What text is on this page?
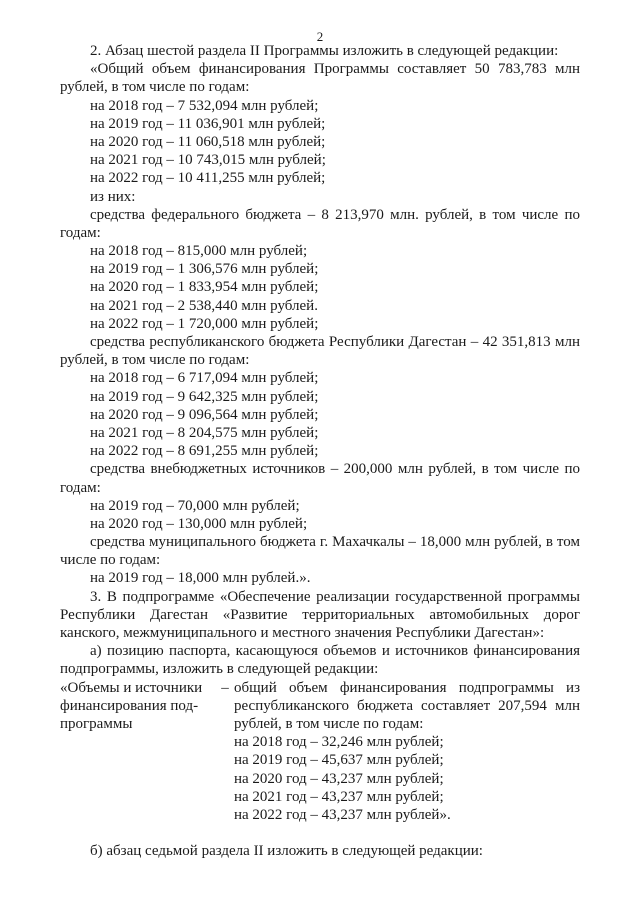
2
2. Абзац шестой раздела II Программы изложить в следующей редакции:
«Общий объем финансирования Программы составляет 50 783,783 млн
рублей, в том числе по годам:
на 2018 год – 7 532,094 млн рублей;
на 2019 год – 11 036,901 млн рублей;
на 2020 год – 11 060,518 млн рублей;
на 2021 год – 10 743,015 млн рублей;
на 2022 год – 10 411,255 млн рублей;
из них:
средства федерального бюджета – 8 213,970 млн. рублей, в том числе по
годам:
на 2018 год – 815,000 млн рублей;
на 2019 год – 1 306,576 млн рублей;
на 2020 год – 1 833,954 млн рублей;
на 2021 год – 2 538,440 млн рублей.
на 2022 год – 1 720,000 млн рублей;
средства республиканского бюджета Республики Дагестан – 42 351,813 млн
рублей, в том числе по годам:
на 2018 год – 6 717,094 млн рублей;
на 2019 год – 9 642,325 млн рублей;
на 2020 год – 9 096,564 млн рублей;
на 2021 год – 8 204,575 млн рублей;
на 2022 год – 8 691,255 млн рублей;
средства внебюджетных источников – 200,000 млн рублей, в том числе по
годам:
на 2019 год – 70,000 млн рублей;
на 2020 год – 130,000 млн рублей;
средства муниципального бюджета г. Махачкалы – 18,000 млн рублей, в том
числе по годам:
на 2019 год – 18,000 млн рублей.».
3. В подпрограмме «Обеспечение реализации государственной программы
Республики Дагестан «Развитие территориальных автомобильных дорог
канского, межмуниципального и местного значения Республики Дагестан»:
а) позицию паспорта, касающуюся объемов и источников финансирования
подпрограммы, изложить в следующей редакции:
«Объемы и источники
финансирования под-
программы
– общий объем финансирования подпрограммы из
республиканского бюджета составляет 207,594 млн
рублей, в том числе по годам:
на 2018 год – 32,246 млн рублей;
на 2019 год – 45,637 млн рублей;
на 2020 год – 43,237 млн рублей;
на 2021 год – 43,237 млн рублей;
на 2022 год – 43,237 млн рублей».
б) абзац седьмой раздела II изложить в следующей редакции:
